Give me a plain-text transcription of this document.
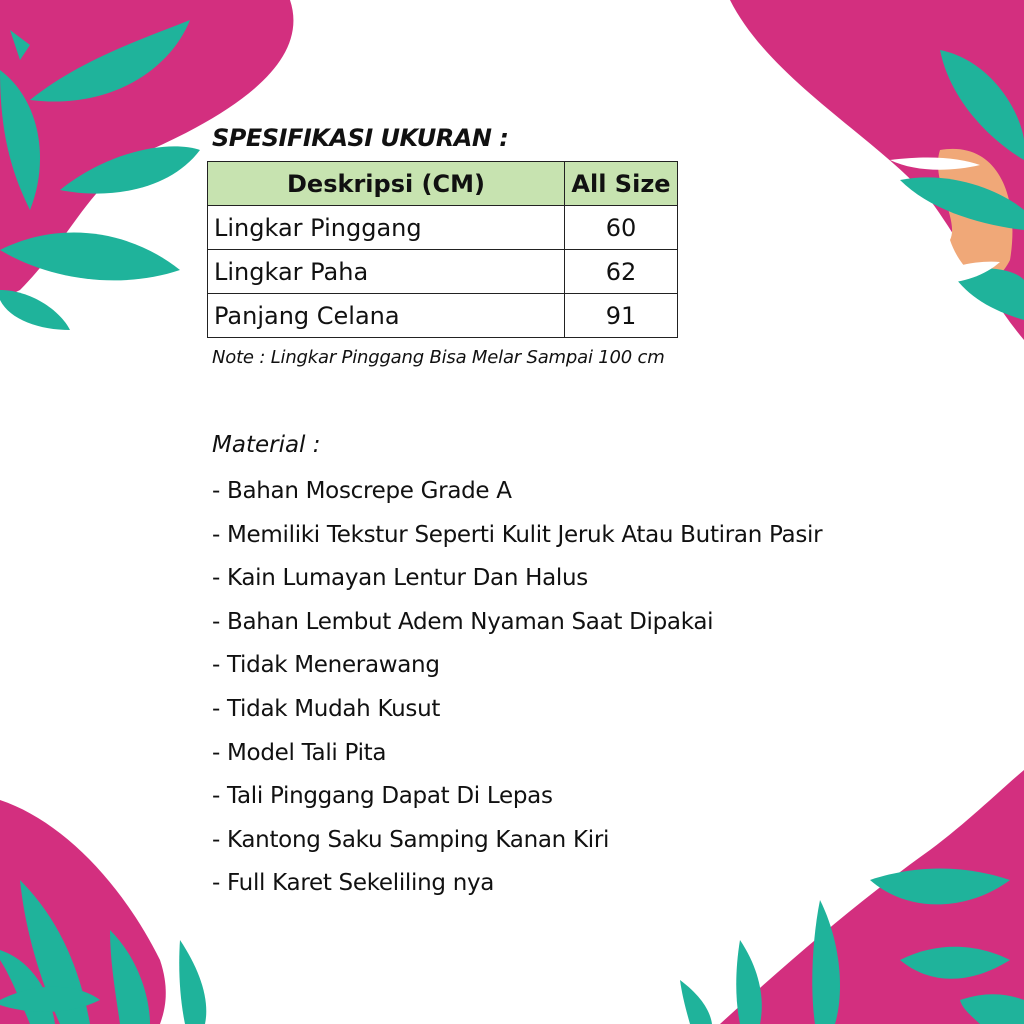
SPESIFIKASI UKURAN :
Deskripsi (CM)	All Size
Lingkar Pinggang	60
Lingkar Paha	62
Panjang Celana	91
Note : Lingkar Pinggang Bisa Melar Sampai 100 cm
Material :
- Bahan Moscrepe Grade A
- Memiliki Tekstur Seperti Kulit Jeruk Atau Butiran Pasir
- Kain Lumayan Lentur Dan Halus
- Bahan Lembut Adem Nyaman Saat Dipakai
- Tidak Menerawang
- Tidak Mudah Kusut
- Model Tali Pita
- Tali Pinggang Dapat Di Lepas
- Kantong Saku Samping Kanan Kiri
- Full Karet Sekeliling nya
